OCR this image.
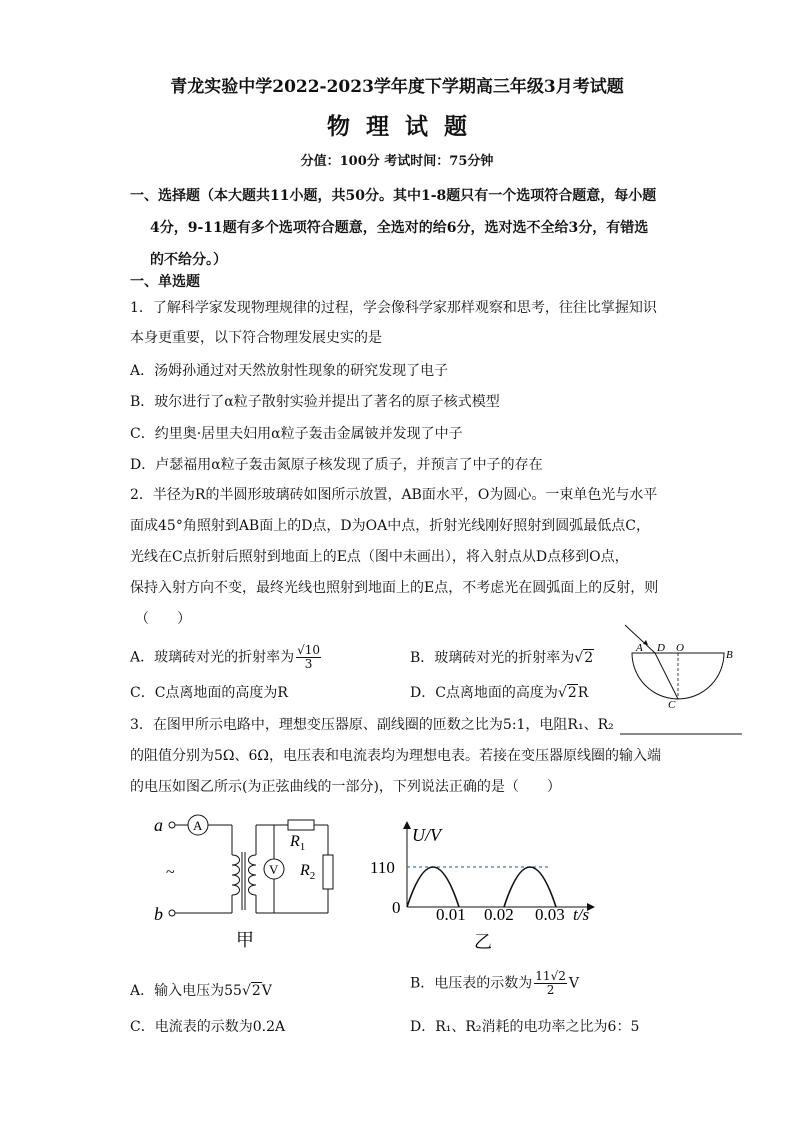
青龙实验中学2022-2023学年度下学期高三年级3月考试题
物理试题
分值：100分 考试时间：75分钟
一、选择题（本大题共11小题，共50分。其中1-8题只有一个选项符合题意，每小题
4分，9-11题有多个选项符合题意，全选对的给6分，选对选不全给3分，有错选
的不给分。）
一、单选题
1．了解科学家发现物理规律的过程，学会像科学家那样观察和思考，往往比掌握知识
本身更重要，以下符合物理发展史实的是
A．汤姆孙通过对天然放射性现象的研究发现了电子
B．玻尔进行了α粒子散射实验并提出了著名的原子核式模型
C．约里奥·居里夫妇用α粒子轰击金属铍并发现了中子
D．卢瑟福用α粒子轰击氮原子核发现了质子，并预言了中子的存在
2．半径为R的半圆形玻璃砖如图所示放置，AB面水平，O为圆心。一束单色光与水平
面成45°角照射到AB面上的D点，D为OA中点，折射光线刚好照射到圆弧最低点C，
光线在C点折射后照射到地面上的E点（图中未画出），将入射点从D点移到O点，
保持入射方向不变，最终光线也照射到地面上的E点，不考虑光在圆弧面上的反射，则
（　　）
A．玻璃砖对光的折射率为 $\frac{√10}{3}$	B．玻璃砖对光的折射率为√2
C．C点离地面的高度为R	D．C点离地面的高度为√2R
A D O
B
C
3．在图甲所示电路中，理想变压器原、副线圈的匝数之比为5:1，电阻R₁、R₂
的阻值分别为5Ω、6Ω，电压表和电流表均为理想电表。若接在变压器原线圈的输入端
的电压如图乙所示(为正弦曲线的一部分)，下列说法正确的是（　　）
a A
b
~	V
$R_1$
$R_2$
甲
U/V
110
0 0.01 0.02 0.03 t/s
乙
A．输入电压为55√2V	B．电压表的示数为 $\frac{11√2}{2}$ V
C．电流表的示数为0.2A	D．R₁、R₂消耗的电功率之比为6：5
